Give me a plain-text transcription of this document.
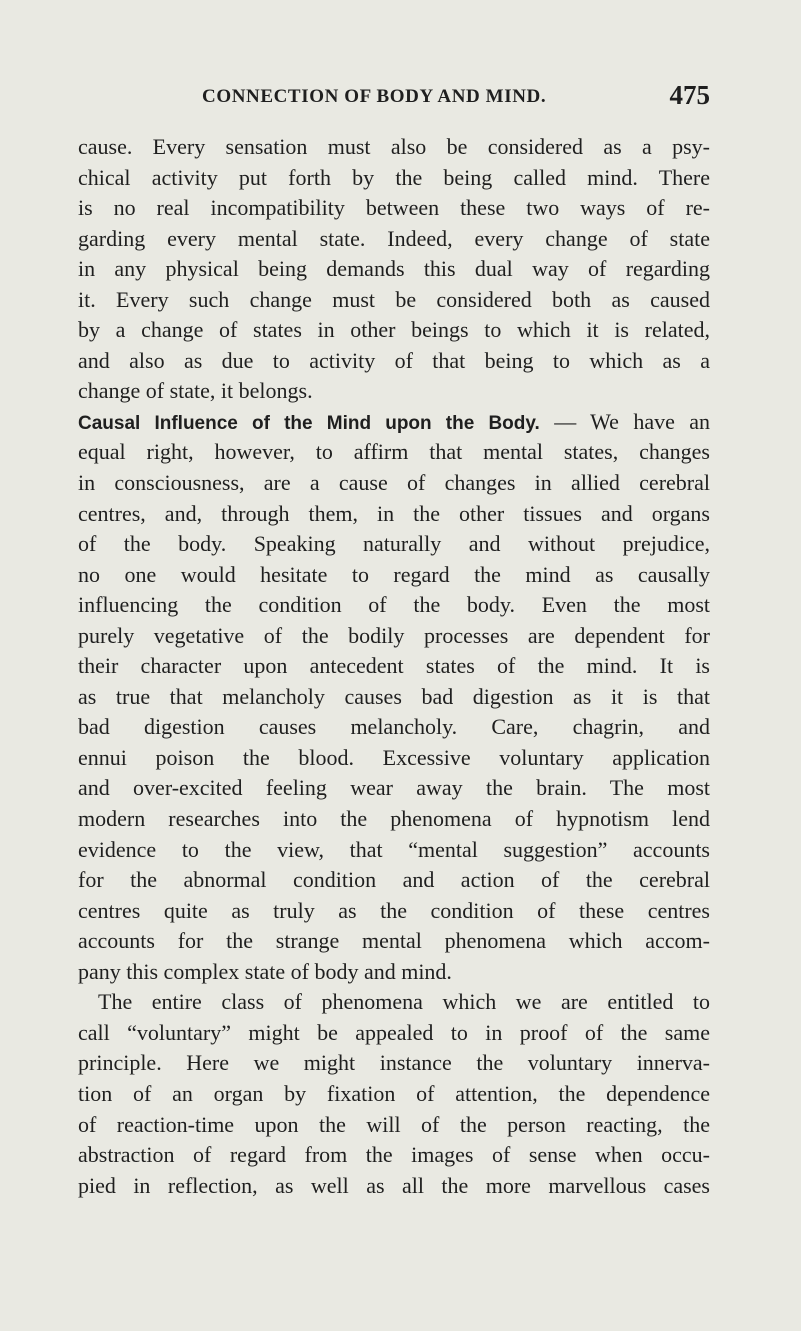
CONNECTION OF BODY AND MIND.	475
cause. Every sensation must also be considered as a psy-
chical activity put forth by the being called mind. There
is no real incompatibility between these two ways of re-
garding every mental state. Indeed, every change of state
in any physical being demands this dual way of regarding
it. Every such change must be considered both as caused
by a change of states in other beings to which it is related,
and also as due to activity of that being to which as a
change of state, it belongs.
Causal Influence of the Mind upon the Body. — We have an
equal right, however, to affirm that mental states, changes
in consciousness, are a cause of changes in allied cerebral
centres, and, through them, in the other tissues and organs
of the body. Speaking naturally and without prejudice,
no one would hesitate to regard the mind as causally
influencing the condition of the body. Even the most
purely vegetative of the bodily processes are dependent for
their character upon antecedent states of the mind. It is
as true that melancholy causes bad digestion as it is that
bad digestion causes melancholy. Care, chagrin, and
ennui poison the blood. Excessive voluntary application
and over-excited feeling wear away the brain. The most
modern researches into the phenomena of hypnotism lend
evidence to the view, that “mental suggestion” accounts
for the abnormal condition and action of the cerebral
centres quite as truly as the condition of these centres
accounts for the strange mental phenomena which accom-
pany this complex state of body and mind.
The entire class of phenomena which we are entitled to
call “voluntary” might be appealed to in proof of the same
principle. Here we might instance the voluntary innerva-
tion of an organ by fixation of attention, the dependence
of reaction-time upon the will of the person reacting, the
abstraction of regard from the images of sense when occu-
pied in reflection, as well as all the more marvellous cases
